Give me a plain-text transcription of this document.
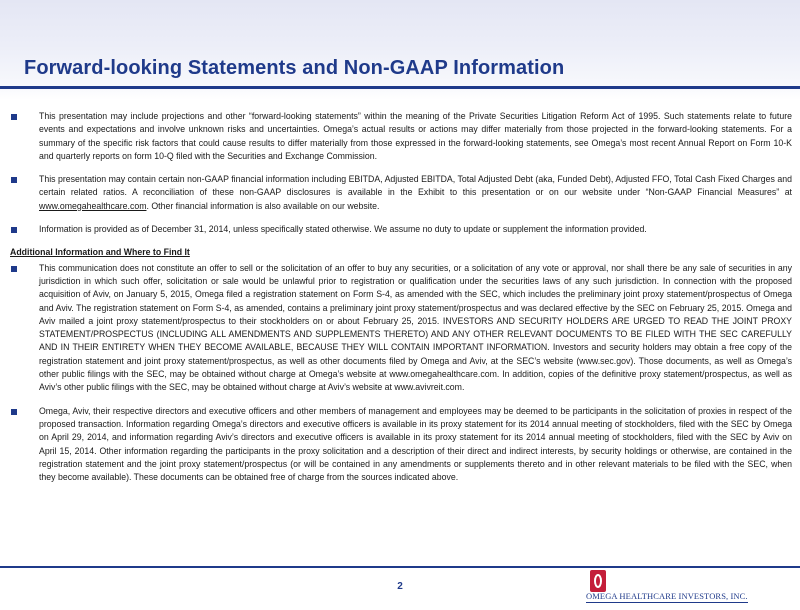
Forward-looking Statements and Non-GAAP Information
This presentation may include projections and other “forward-looking statements” within the meaning of the Private Securities Litigation Reform Act of 1995. Such statements relate to future events and expectations and involve unknown risks and uncertainties. Omega’s actual results or actions may differ materially from those projected in the forward-looking statements. For a summary of the specific risk factors that could cause results to differ materially from those expressed in the forward-looking statements, see Omega’s most recent Annual Report on Form 10-K and quarterly reports on form 10-Q filed with the Securities and Exchange Commission.
This presentation may contain certain non-GAAP financial information including EBITDA, Adjusted EBITDA, Total Adjusted Debt (aka, Funded Debt), Adjusted FFO, Total Cash Fixed Charges and certain related ratios. A reconciliation of these non-GAAP disclosures is available in the Exhibit to this presentation or on our website under “Non-GAAP Financial Measures” at www.omegahealthcare.com. Other financial information is also available on our website.
Information is provided as of December 31, 2014, unless specifically stated otherwise. We assume no duty to update or supplement the information provided.
Additional Information and Where to Find It
This communication does not constitute an offer to sell or the solicitation of an offer to buy any securities, or a solicitation of any vote or approval, nor shall there be any sale of securities in any jurisdiction in which such offer, solicitation or sale would be unlawful prior to registration or qualification under the securities laws of any such jurisdiction. In connection with the proposed acquisition of Aviv, on January 5, 2015, Omega filed a registration statement on Form S-4, as amended with the SEC, which includes the preliminary joint proxy statement/prospectus of Omega and Aviv. The registration statement on Form S-4, as amended, contains a preliminary joint proxy statement/prospectus and was declared effective by the SEC on February 25, 2015. Omega and Aviv mailed a joint proxy statement/prospectus to their stockholders on or about February 25, 2015. INVESTORS AND SECURITY HOLDERS ARE URGED TO READ THE JOINT PROXY STATEMENT/PROSPECTUS (INCLUDING ALL AMENDMENTS AND SUPPLEMENTS THERETO) AND ANY OTHER RELEVANT DOCUMENTS TO BE FILED WITH THE SEC CAREFULLY AND IN THEIR ENTIRETY WHEN THEY BECOME AVAILABLE, BECAUSE THEY WILL CONTAIN IMPORTANT INFORMATION. Investors and security holders may obtain a free copy of the registration statement and joint proxy statement/prospectus, as well as other documents filed by Omega and Aviv, at the SEC’s website (www.sec.gov). Those documents, as well as Omega’s other public filings with the SEC, may be obtained without charge at Omega’s website at www.omegahealthcare.com. In addition, copies of the definitive proxy statement/prospectus, as well as Aviv’s other public filings with the SEC, may be obtained without charge at Aviv’s website at www.avivreit.com.
Omega, Aviv, their respective directors and executive officers and other members of management and employees may be deemed to be participants in the solicitation of proxies in respect of the proposed transaction. Information regarding Omega’s directors and executive officers is available in its proxy statement for its 2014 annual meeting of stockholders, filed with the SEC by Omega on April 29, 2014, and information regarding Aviv’s directors and executive officers is available in its proxy statement for its 2014 annual meeting of stockholders, filed with the SEC by Aviv on April 15, 2014. Other information regarding the participants in the proxy solicitation and a description of their direct and indirect interests, by security holdings or otherwise, are contained in the registration statement and the joint proxy statement/prospectus (or will be contained in any amendments or supplements thereto and in other relevant materials to be filed with the SEC, when they become available). These documents can be obtained free of charge from the sources indicated above.
2
OMEGA HEALTHCARE INVESTORS, INC.
